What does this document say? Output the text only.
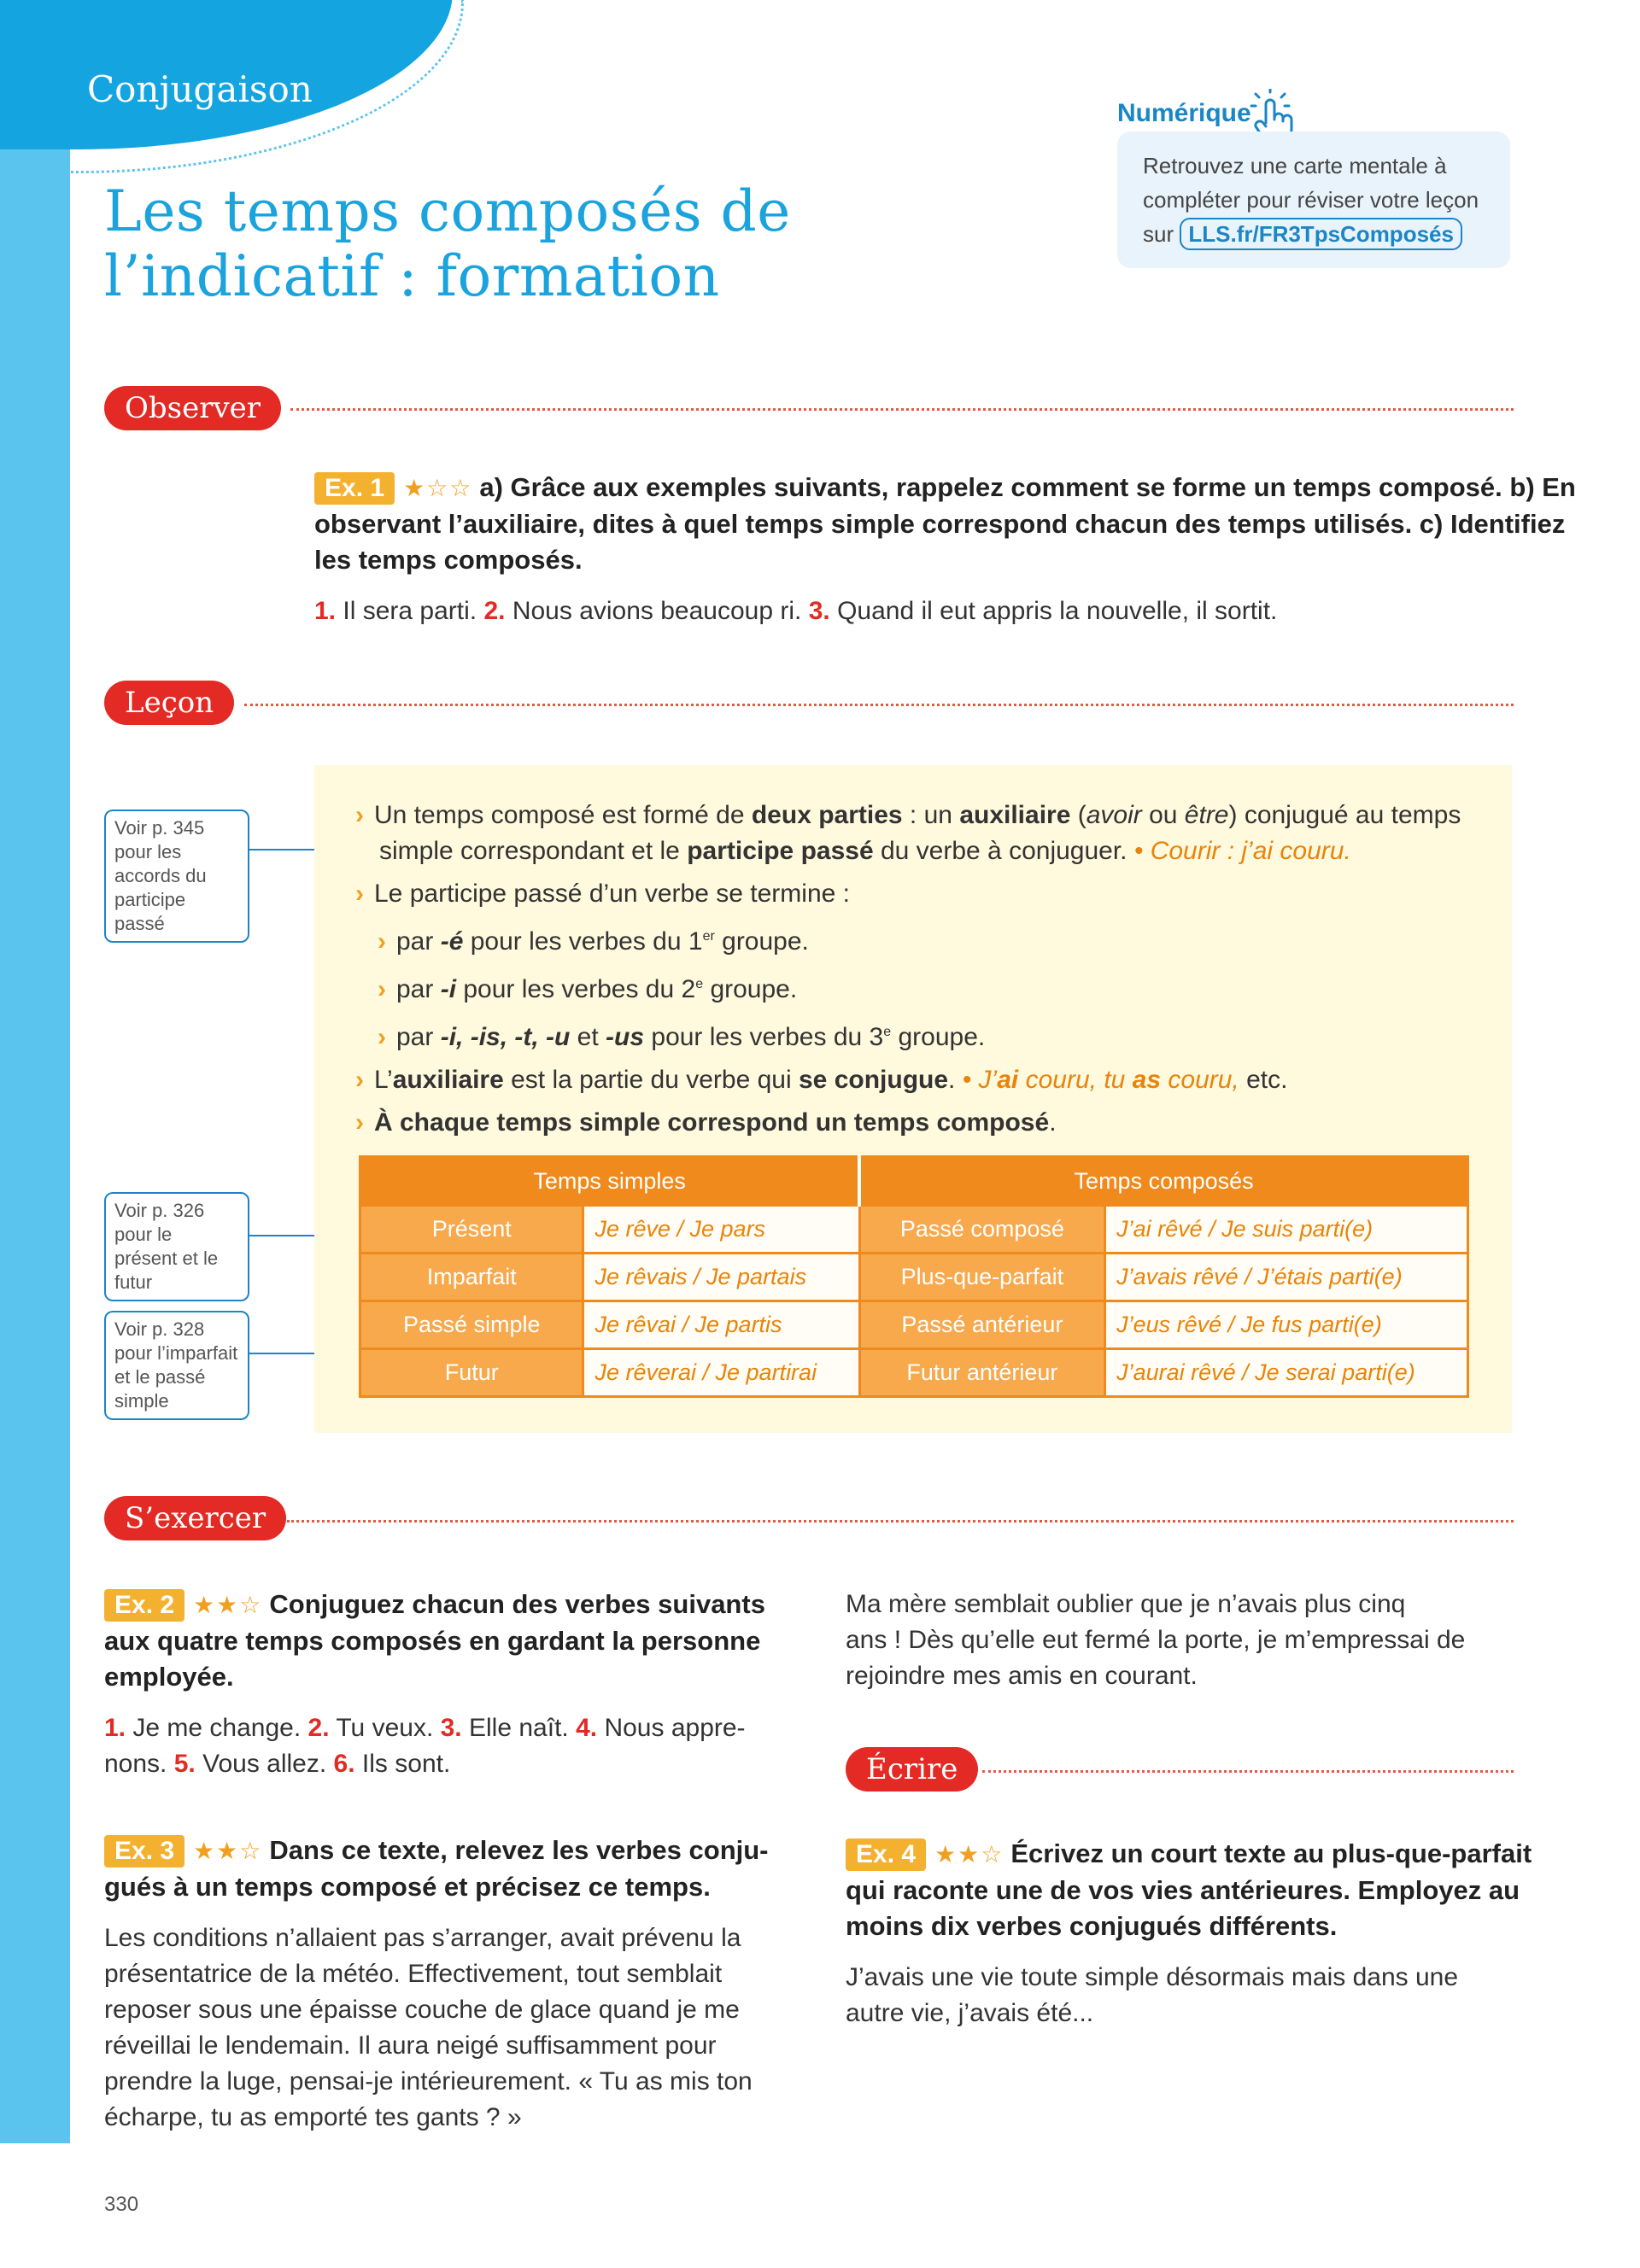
Conjugaison
Les temps composés de
l’indicatif : formation
Numérique
Retrouvez une carte mentale à
compléter pour réviser votre leçon
sur LLS.fr/FR3TpsComposés
Observer
Ex. 1 ★☆☆ a) Grâce aux exemples suivants, rappelez comment se forme un temps composé. b) En
observant l’auxiliaire, dites à quel temps simple correspond chacun des temps utilisés. c) Identifiez
les temps composés.
1. Il sera parti. 2. Nous avions beaucoup ri. 3. Quand il eut appris la nouvelle, il sortit.
Leçon
Voir p. 345 pour les accords du participe passé
Voir p. 326 pour le présent et le futur
Voir p. 328 pour l’imparfait et le passé simple
› Un temps composé est formé de deux parties : un auxiliaire (avoir ou être) conjugué au temps
simple correspondant et le participe passé du verbe à conjuguer. • Courir : j’ai couru.
› Le participe passé d’un verbe se termine :
› par -é pour les verbes du 1er groupe.
› par -i pour les verbes du 2e groupe.
› par -i, -is, -t, -u et -us pour les verbes du 3e groupe.
› L’auxiliaire est la partie du verbe qui se conjugue. • J’ai couru, tu as couru, etc.
› À chaque temps simple correspond un temps composé.
Temps simples		Temps composés	
Présent	Je rêve / Je pars	Passé composé	J’ai rêvé / Je suis parti(e)
Imparfait	Je rêvais / Je partais	Plus-que-parfait	J’avais rêvé / J’étais parti(e)
Passé simple	Je rêvai / Je partis	Passé antérieur	J’eus rêvé / Je fus parti(e)
Futur	Je rêverai / Je partirai	Futur antérieur	J’aurai rêvé / Je serai parti(e)
S’exercer
Ex. 2 ★★☆ Conjuguez chacun des verbes suivants
aux quatre temps composés en gardant la personne
employée.
1. Je me change. 2. Tu veux. 3. Elle naît. 4. Nous appre-
nons. 5. Vous allez. 6. Ils sont.
Ex. 3 ★★☆ Dans ce texte, relevez les verbes conju-
gués à un temps composé et précisez ce temps.
Les conditions n’allaient pas s’arranger, avait prévenu la
présentatrice de la météo. Effectivement, tout semblait
reposer sous une épaisse couche de glace quand je me
réveillai le lendemain. Il aura neigé suffisamment pour
prendre la luge, pensai-je intérieurement. « Tu as mis ton
écharpe, tu as emporté tes gants ? »
Ma mère semblait oublier que je n’avais plus cinq
ans ! Dès qu’elle eut fermé la porte, je m’empressai de
rejoindre mes amis en courant.
Écrire
Ex. 4 ★★☆ Écrivez un court texte au plus-que-parfait
qui raconte une de vos vies antérieures. Employez au
moins dix verbes conjugués différents.
J’avais une vie toute simple désormais mais dans une
autre vie, j’avais été...
330
